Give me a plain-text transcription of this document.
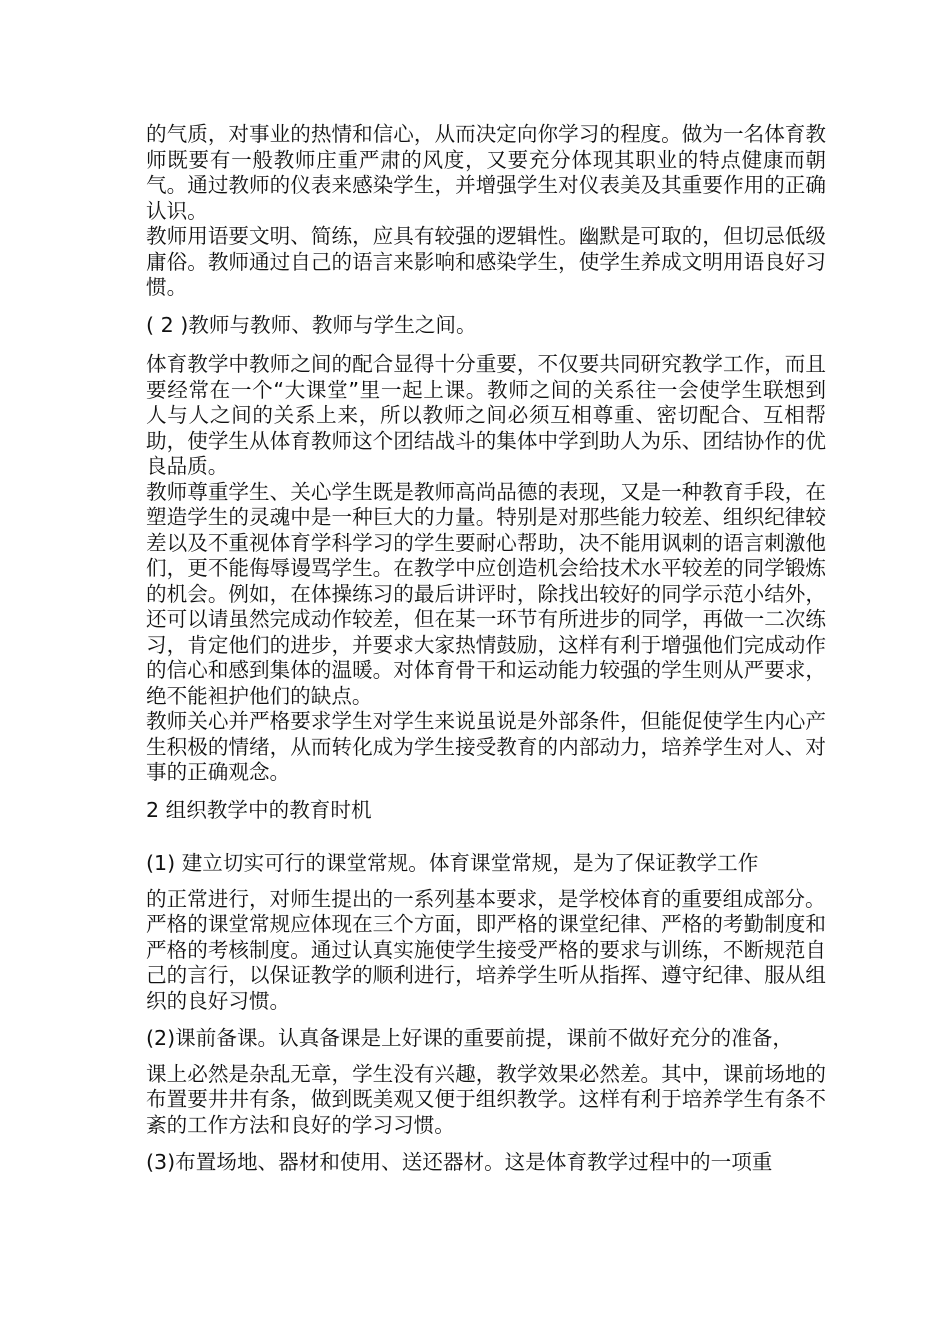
的气质，对事业的热情和信心，从而决定向你学习的程度。做为一名体育教师既要有一般教师庄重严肃的风度，又要充分体现其职业的特点健康而朝气。通过教师的仪表来感染学生，并增强学生对仪表美及其重要作用的正确认识。

教师用语要文明、简练，应具有较强的逻辑性。幽默是可取的，但切忌低级庸俗。教师通过自己的语言来影响和感染学生，使学生养成文明用语良好习惯。

( 2 )教师与教师、教师与学生之间。

体育教学中教师之间的配合显得十分重要，不仅要共同研究教学工作，而且要经常在一个“大课堂”里一起上课。教师之间的关系往一会使学生联想到人与人之间的关系上来，所以教师之间必须互相尊重、密切配合、互相帮助，使学生从体育教师这个团结战斗的集体中学到助人为乐、团结协作的优良品质。

教师尊重学生、关心学生既是教师高尚品德的表现，又是一种教育手段，在塑造学生的灵魂中是一种巨大的力量。特别是对那些能力较差、组织纪律较差以及不重视体育学科学习的学生要耐心帮助，决不能用讽刺的语言刺激他们，更不能侮辱谩骂学生。在教学中应创造机会给技术水平较差的同学锻炼的机会。例如，在体操练习的最后讲评时，除找出较好的同学示范小结外，还可以请虽然完成动作较差，但在某一环节有所进步的同学，再做一二次练习，肯定他们的进步，并要求大家热情鼓励，这样有利于增强他们完成动作的信心和感到集体的温暖。对体育骨干和运动能力较强的学生则从严要求，绝不能袒护他们的缺点。

教师关心并严格要求学生对学生来说虽说是外部条件，但能促使学生内心产生积极的情绪，从而转化成为学生接受教育的内部动力，培养学生对人、对事的正确观念。

2 组织教学中的教育时机

(1) 建立切实可行的课堂常规。体育课堂常规，是为了保证教学工作

的正常进行，对师生提出的一系列基本要求，是学校体育的重要组成部分。

严格的课堂常规应体现在三个方面，即严格的课堂纪律、严格的考勤制度和严格的考核制度。通过认真实施使学生接受严格的要求与训练，不断规范自己的言行，以保证教学的顺利进行，培养学生听从指挥、遵守纪律、服从组织的良好习惯。

(2)课前备课。认真备课是上好课的重要前提，课前不做好充分的准备，

课上必然是杂乱无章，学生没有兴趣，教学效果必然差。其中，课前场地的布置要井井有条，做到既美观又便于组织教学。这样有利于培养学生有条不紊的工作方法和良好的学习习惯。

(3)布置场地、器材和使用、送还器材。这是体育教学过程中的一项重
